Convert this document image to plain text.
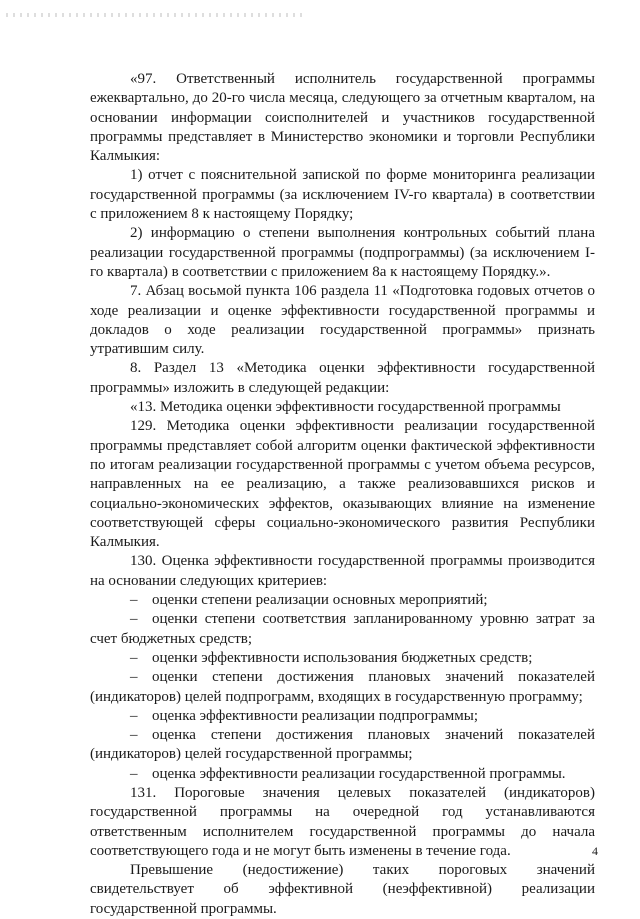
«97. Ответственный исполнитель государственной программы ежеквартально, до 20-го числа месяца, следующего за отчетным кварталом, на основании информации соисполнителей и участников государственной программы представляет в Министерство экономики и торговли Республики Калмыкия:

1) отчет с пояснительной запиской по форме мониторинга реализации государственной программы (за исключением IV-го квартала) в соответствии с приложением 8 к настоящему Порядку;

2) информацию о степени выполнения контрольных событий плана реализации государственной программы (подпрограммы) (за исключением I-го квартала) в соответствии с приложением 8а к настоящему Порядку.».

7. Абзац восьмой пункта 106 раздела 11 «Подготовка годовых отчетов о ходе реализации и оценке эффективности государственной программы и докладов о ходе реализации государственной программы» признать утратившим силу.

8. Раздел 13 «Методика оценки эффективности государственной программы» изложить в следующей редакции:

«13. Методика оценки эффективности государственной программы

129. Методика оценки эффективности реализации государственной программы представляет собой алгоритм оценки фактической эффективности по итогам реализации государственной программы с учетом объема ресурсов, направленных на ее реализацию, а также реализовавшихся рисков и социально-экономических эффектов, оказывающих влияние на изменение соответствующей сферы социально-экономического развития Республики Калмыкия.

130. Оценка эффективности государственной программы производится на основании следующих критериев:

– оценки степени реализации основных мероприятий;

– оценки степени соответствия запланированному уровню затрат за счет бюджетных средств;

– оценки эффективности использования бюджетных средств;

– оценки степени достижения плановых значений показателей (индикаторов) целей подпрограмм, входящих в государственную программу;

– оценка эффективности реализации подпрограммы;

– оценка степени достижения плановых значений показателей (индикаторов) целей государственной программы;

– оценка эффективности реализации государственной программы.

131. Пороговые значения целевых показателей (индикаторов) государственной программы на очередной год устанавливаются ответственным исполнителем государственной программы до начала соответствующего года и не могут быть изменены в течение года.

Превышение (недостижение) таких пороговых значений свидетельствует об эффективной (неэффективной) реализации государственной программы.

4
